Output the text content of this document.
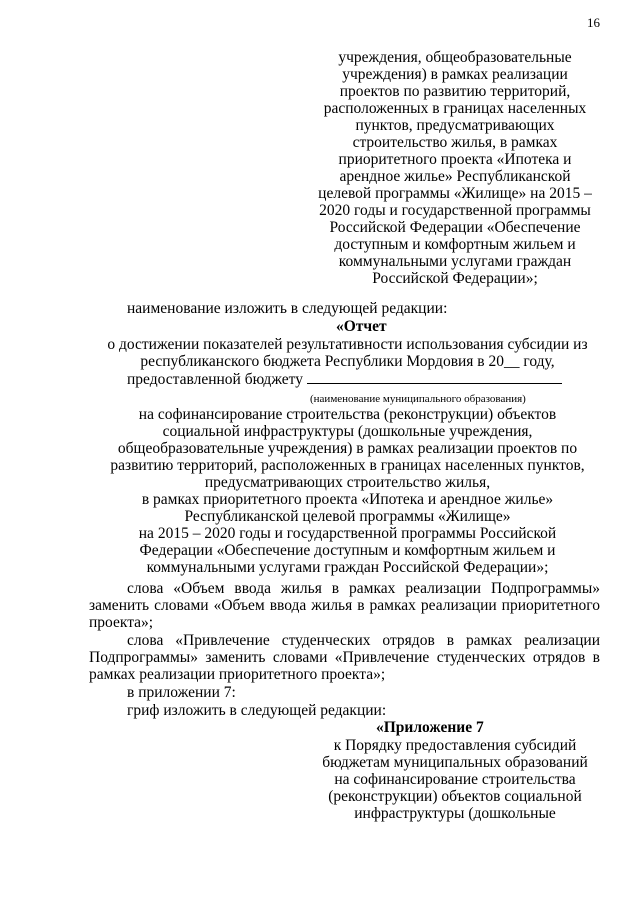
16
учреждения, общеобразовательные
учреждения) в рамках реализации
проектов по развитию территорий,
расположенных в границах населенных
пунктов, предусматривающих
строительство жилья, в рамках
приоритетного проекта «Ипотека и
арендное жилье» Республиканской
целевой программы «Жилище» на 2015 –
2020 годы и государственной программы
Российской Федерации «Обеспечение
доступным и комфортным жильем и
коммунальными услугами граждан
Российской Федерации»;
наименование изложить в следующей редакции:
«Отчет
о достижении показателей результативности использования субсидии из
республиканского бюджета Республики Мордовия в 20__ году,
предоставленной бюджету
(наименование муниципального образования)
на софинансирование строительства (реконструкции) объектов
социальной инфраструктуры (дошкольные учреждения,
общеобразовательные учреждения) в рамках реализации проектов по
развитию территорий, расположенных в границах населенных пунктов,
предусматривающих строительство жилья,
в рамках приоритетного проекта «Ипотека и арендное жилье»
Республиканской целевой программы «Жилище»
на 2015 – 2020 годы и государственной программы Российской
Федерации «Обеспечение доступным и комфортным жильем и
коммунальными услугами граждан Российской Федерации»;
слова «Объем ввода жилья в рамках реализации Подпрограммы» заменить словами «Объем ввода жилья в рамках реализации приоритетного проекта»;
слова «Привлечение студенческих отрядов в рамках реализации Подпрограммы» заменить словами «Привлечение студенческих отрядов в рамках реализации приоритетного проекта»;
в приложении 7:
гриф изложить в следующей редакции:
«Приложение 7
к Порядку предоставления субсидий
бюджетам муниципальных образований
на софинансирование строительства
(реконструкции) объектов социальной
инфраструктуры (дошкольные
